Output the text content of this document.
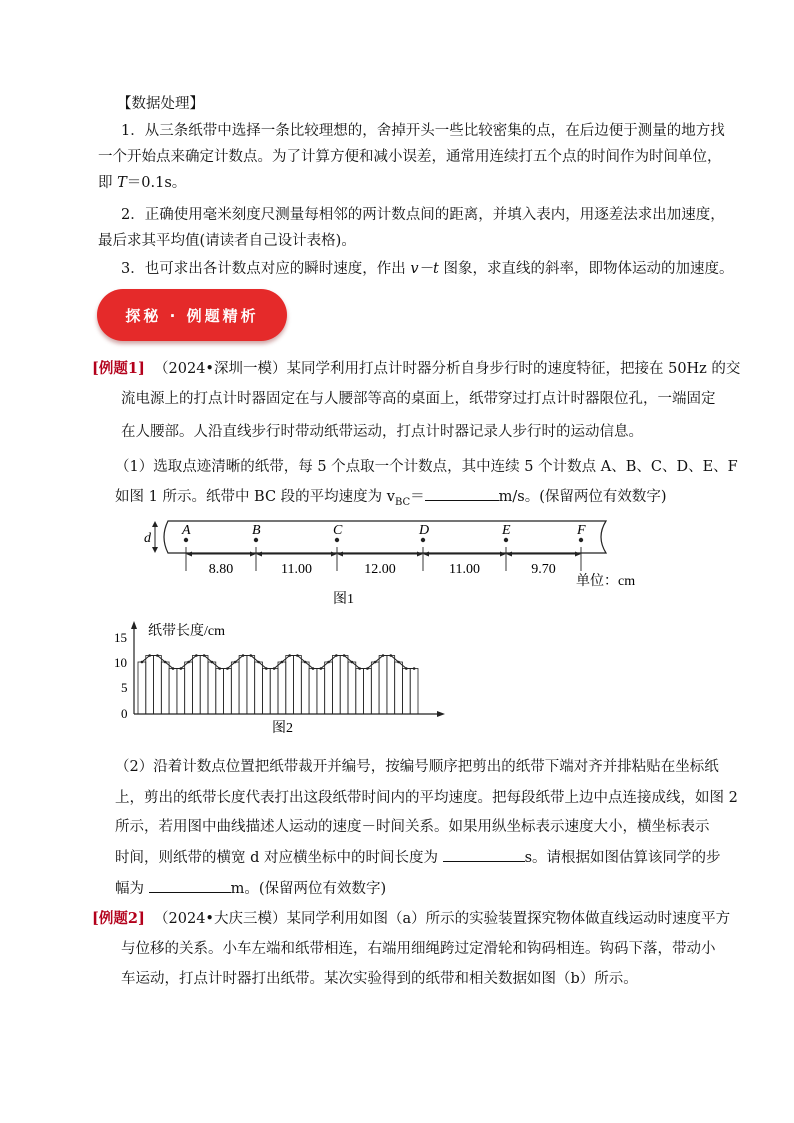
【数据处理】
1．从三条纸带中选择一条比较理想的，舍掉开头一些比较密集的点，在后边便于测量的地方找
一个开始点来确定计数点。为了计算方便和减小误差，通常用连续打五个点的时间作为时间单位，
即 T＝0.1s。
2．正确使用毫米刻度尺测量每相邻的两计数点间的距离，并填入表内，用逐差法求出加速度，
最后求其平均值(请读者自己设计表格)。
3．也可求出各计数点对应的瞬时速度，作出 v－t 图象，求直线的斜率，即物体运动的加速度。
探秘 · 例题精析
[例题1] （2024•深圳一模）某同学利用打点计时器分析自身步行时的速度特征，把接在 50Hz 的交
流电源上的打点计时器固定在与人腰部等高的桌面上，纸带穿过打点计时器限位孔，一端固定
在人腰部。人沿直线步行时带动纸带运动，打点计时器记录人步行时的运动信息。
（1）选取点迹清晰的纸带，每 5 个点取一个计数点，其中连续 5 个计数点 A、B、C、D、E、F
如图 1 所示。纸带中 BC 段的平均速度为 $v_{BC}=$	m/s。(保留两位有效数字)
d
A	B	C	D	E	F
8.80	11.00	12.00	11.00	9.70
单位：cm
图1
纸带长度/cm
15
10
5
0
图2
（2）沿着计数点位置把纸带裁开并编号，按编号顺序把剪出的纸带下端对齐并排粘贴在坐标纸
上，剪出的纸带长度代表打出这段纸带时间内的平均速度。把每段纸带上边中点连接成线，如图 2
所示，若用图中曲线描述人运动的速度－时间关系。如果用纵坐标表示速度大小，横坐标表示
时间，则纸带的横宽 d 对应横坐标中的时间长度为	s。请根据如图估算该同学的步
幅为	m。(保留两位有效数字)
[例题2] （2024•大庆三模）某同学利用如图（a）所示的实验装置探究物体做直线运动时速度平方
与位移的关系。小车左端和纸带相连，右端用细绳跨过定滑轮和钩码相连。钩码下落，带动小
车运动，打点计时器打出纸带。某次实验得到的纸带和相关数据如图（b）所示。
